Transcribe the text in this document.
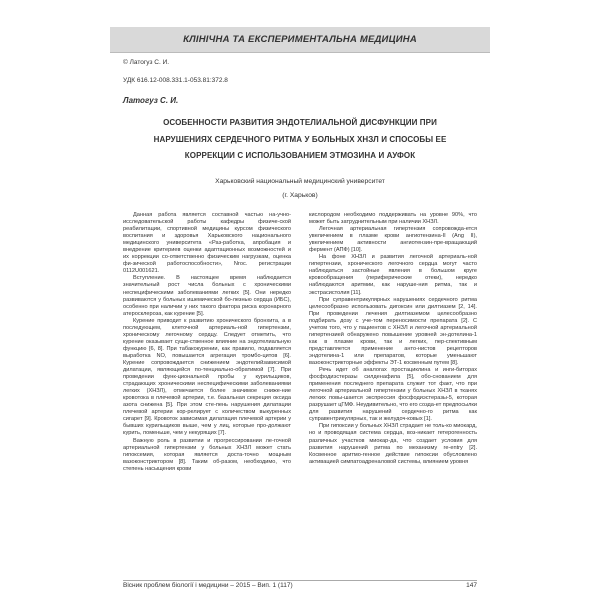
КЛІНІЧНА ТА ЕКСПЕРИМЕНТАЛЬНА МЕДИЦИНА
© Латогуз С. И.
УДК 616.12-008.331.1-053.81:372.8
Латогуз С. И.
ОСОБЕННОСТИ РАЗВИТИЯ ЭНДОТЕЛИАЛЬНОЙ ДИСФУНКЦИИ ПРИ
НАРУШЕНИЯХ СЕРДЕЧНОГО РИТМА У БОЛЬНЫХ ХНЗЛ И СПОСОБЫ ЕЕ
КОРРЕКЦИИ С ИСПОЛЬЗОВАНИЕМ ЭТМОЗИНА И АУФОК
Харьковский национальный медицинский университет
(г. Харьков)

Данная работа является составной частью на-учно-исследовательской работы кафедры физиче-ской реабилитации, спортивной медицины курсом физического воспитания и здоровья Харьковского национального медицинского университета «Раз-работка, апробация и внедрение критериев оценки адаптационных возможностей и их коррекции со-ответственно физическим нагрузкам, оценка фи-зической работоспособности», Nгос. регистрации 0112U001621.

Вступление. В настоящее время наблюдается значительный рост числа больных с хроническими неспецифическими заболеваниями легких [5]. Они нередко развиваются у больных ишемической бо-лезнью сердца (ИБС), особенно при наличии у них такого фактора риска коронарного атеросклероза, как курение [5].

Курение приводит к развитию хронического бронхита, а в последующем, клеточной артериаль-ной гипертензии, хроническому легочному сердцу. Следует отметить, что курение оказывает суще-ственное влияние на эндотелиальную функцию [6, 8]. При табакокурении, как правило, подавляется выработка NO, повышается агрегация тромбо-цитов [6]. Курение сопровождается снижением эндотелийзависимой дилатации, являющейся по-тенциально-обратимой [7]. При проведении функ-циональной пробы у курильщиков, страдающих хроническими неспецифическими заболеваниями легких (ХНЗЛ), отмечается более значимое сниже-ние кровотока в плечевой артерии, т.е. базальная секреция оксида азота снижена [5]. При этом сте-пень нарушения дилатации плечевой артерии кор-релирует с количеством выкуренных сигарет [9]. Кровоток зависимая дилатация плечевой артерии у бывших курильщиков выше, чем у лиц, которые про-должают курить, поменьше, чем у некурящих [7].

Важную роль в развитии и прогрессировании ле-гочной артериальной гипертензии у больных ХНЗЛ может стать гипоксемия, которая является доста-точно мощным вазоконстриктором [8]. Таким об-разом, необходимо, что степень насыщения крови

кислородом необходимо поддерживать на уровне 90%, что может быть затруднительным при наличии ХНЗЛ.

Легочная артериальная гипертензия сопровожда-ется увеличением в плазме крови ангиотензина-II (Ang II), увеличением активности ангиотензин-пре-вращающий фермент (АПФ) [10].

На фоне ХНЗЛ и развития легочной артериаль-ной гипертензии, хронического легочного сердца могут часто наблюдаться застойные явления в большом круге кровообращения (периферические отеки), нередко наблюдаются аритмии, как наруше-ния ритма, так и экстрасистолия [11].

При суправентрикулярных нарушениях сердечного ритма целесообразно использовать дигоксин или дилтиазем [2, 14]. При проведении лечения дилтиаземом целесообразно подбирать дозу с уче-том переносимости препарата [2]. С учетом того, что у пациентов с ХНЗЛ и легочной артериальной гипертензией обнаружено повышение уровней эн-дотелина-1 как в плазме крови, так и легких, пер-спективным представляется применение анто-нистов рецепторов эндотелина-1 или препаратов, которые уменьшают вазоконстрикторные эффекты ЭТ-1 косвенным путем [8].

Речь идет об аналогах простациклина и инги-биторах фосфодиэстеразы силденафила [5], обо-снованием для применения последнего препарата служит тот факт, что при легочной артериальной гипертензии у больных ХНЗЛ в тканях легких повы-шается экспрессия фосфодиэстеразы-5, которая разрушает цГМФ. Неудивительно, что его созда-ет предпосылки для развития нарушений сердечно-го ритма как суправентрикулярных, так и желудоч-ковых [1].

При гипоксии у больных ХНЗЛ страдает не толь-ко миокард, но и проводящая система сердца, воз-никает гетерогенность различных участков миокар-да, что создает условия для развития нарушений ритма по механизму re-entry [2]. Косвенное аритмо-генное действие гипоксии обусловлено активацией симпатоадреналовой системы, влиянием уровня

Вісник проблем біології і медицини – 2015 – Вип. 1 (117)	147
